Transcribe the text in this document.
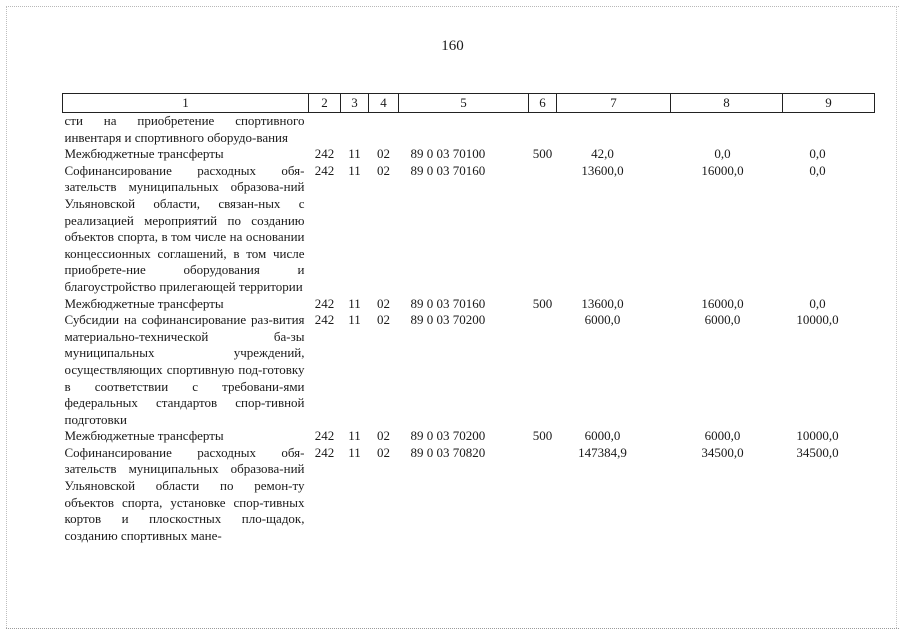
160
1	2	3	4	5	6	7	8	9
сти на приобретение спортивного инвентаря и спортивного оборудо-вания								
Межбюджетные трансферты	242	11	02	89 0 03 70100	500	42,0	0,0	0,0
Софинансирование расходных обя-зательств муниципальных образова-ний Ульяновской области, связан-ных с реализацией мероприятий по созданию объектов спорта, в том числе на основании концессионных соглашений, в том числе приобрете-ние оборудования и благоустройство прилегающей территории	242	11	02	89 0 03 70160		13600,0	16000,0	0,0
Межбюджетные трансферты	242	11	02	89 0 03 70160	500	13600,0	16000,0	0,0
Субсидии на софинансирование раз-вития материально-технической ба-зы муниципальных учреждений, осуществляющих спортивную под-готовку в соответствии с требовани-ями федеральных стандартов спор-тивной подготовки	242	11	02	89 0 03 70200		6000,0	6000,0	10000,0
Межбюджетные трансферты	242	11	02	89 0 03 70200	500	6000,0	6000,0	10000,0
Софинансирование расходных обя-зательств муниципальных образова-ний Ульяновской области по ремон-ту объектов спорта, установке спор-тивных кортов и плоскостных пло-щадок, созданию спортивных мане-	242	11	02	89 0 03 70820		147384,9	34500,0	34500,0
